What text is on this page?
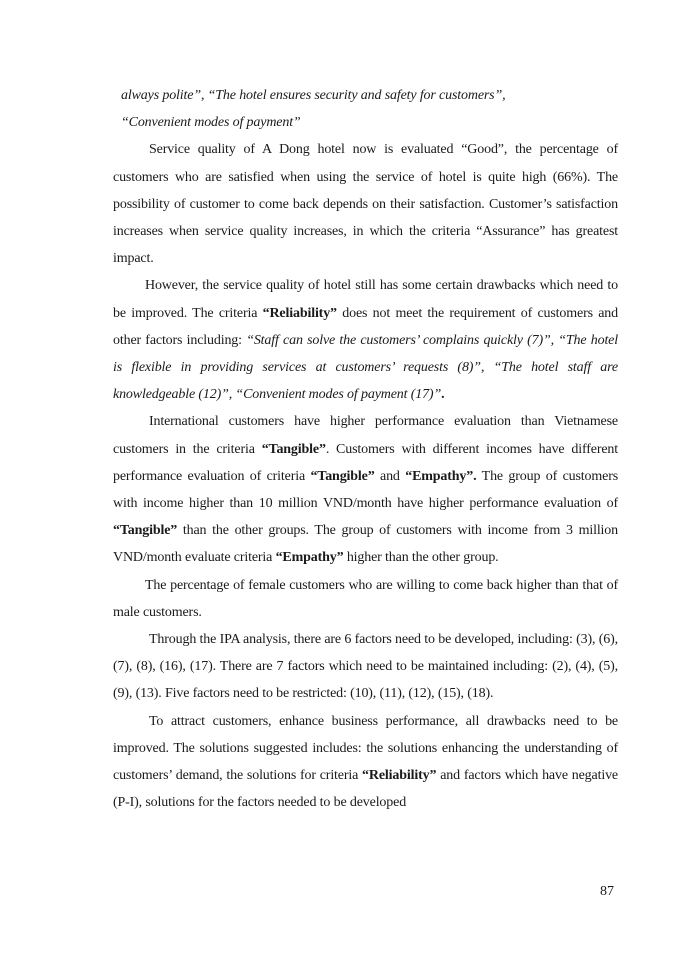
always polite”, “The hotel ensures security and safety for customers”,
“Convenient modes of payment”

Service quality of A Dong hotel now is evaluated “Good”, the percentage of customers who are satisfied when using the service of hotel is quite high (66%). The possibility of customer to come back depends on their satisfaction. Customer’s satisfaction increases when service quality increases, in which the criteria “Assurance” has greatest impact.

However, the service quality of hotel still has some certain drawbacks which need to be improved. The criteria “Reliability” does not meet the requirement of customers and other factors including: “Staff can solve the customers’ complains quickly (7)”, “The hotel is flexible in providing services at customers’ requests (8)”, “The hotel staff are knowledgeable (12)”, “Convenient modes of payment (17)”.

International customers have higher performance evaluation than Vietnamese customers in the criteria “Tangible”. Customers with different incomes have different performance evaluation of criteria “Tangible” and “Empathy”. The group of customers with income higher than 10 million VND/month have higher performance evaluation of “Tangible” than the other groups. The group of customers with income from 3 million VND/month evaluate criteria “Empathy” higher than the other group.

The percentage of female customers who are willing to come back higher than that of male customers.

Through the IPA analysis, there are 6 factors need to be developed, including: (3), (6), (7), (8), (16), (17). There are 7 factors which need to be maintained including: (2), (4), (5), (9), (13). Five factors need to be restricted: (10), (11), (12), (15), (18).

To attract customers, enhance business performance, all drawbacks need to be improved. The solutions suggested includes: the solutions enhancing the understanding of customers’ demand, the solutions for criteria “Reliability” and factors which have negative (P-I), solutions for the factors needed to be developed

87
